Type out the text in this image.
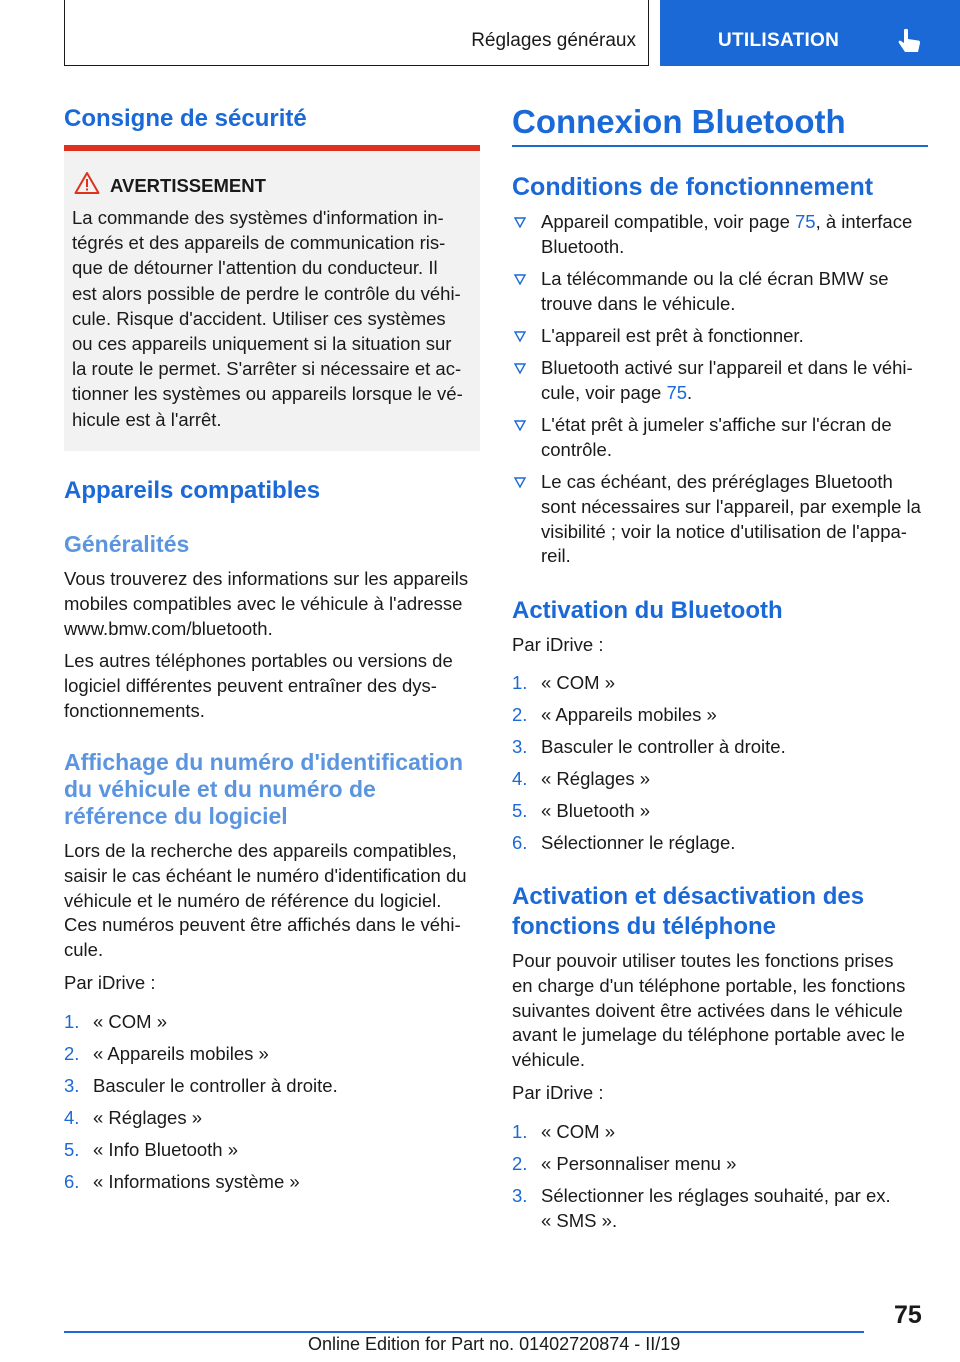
Réglages généraux	UTILISATION
Consigne de sécurité
AVERTISSEMENT
La commande des systèmes d'information in-
tégrés et des appareils de communication ris-
que de détourner l'attention du conducteur. Il
est alors possible de perdre le contrôle du véhi-
cule. Risque d'accident. Utiliser ces systèmes
ou ces appareils uniquement si la situation sur
la route le permet. S'arrêter si nécessaire et ac-
tionner les systèmes ou appareils lorsque le vé-
hicule est à l'arrêt.
Appareils compatibles
Généralités
Vous trouverez des informations sur les appareils
mobiles compatibles avec le véhicule à l'adresse
www.bmw.com/bluetooth.
Les autres téléphones portables ou versions de
logiciel différentes peuvent entraîner des dys-
fonctionnements.
Affichage du numéro d'identification
du véhicule et du numéro de
référence du logiciel
Lors de la recherche des appareils compatibles,
saisir le cas échéant le numéro d'identification du
véhicule et le numéro de référence du logiciel.
Ces numéros peuvent être affichés dans le véhi-
cule.
Par iDrive :
1. « COM »
2. « Appareils mobiles »
3. Basculer le controller à droite.
4. « Réglages »
5. « Info Bluetooth »
6. « Informations système »
Connexion Bluetooth
Conditions de fonctionnement
Appareil compatible, voir page 75, à interface
Bluetooth.
La télécommande ou la clé écran BMW se
trouve dans le véhicule.
L'appareil est prêt à fonctionner.
Bluetooth activé sur l'appareil et dans le véhi-
cule, voir page 75.
L'état prêt à jumeler s'affiche sur l'écran de
contrôle.
Le cas échéant, des préréglages Bluetooth
sont nécessaires sur l'appareil, par exemple la
visibilité ; voir la notice d'utilisation de l'appa-
reil.
Activation du Bluetooth
Par iDrive :
1. « COM »
2. « Appareils mobiles »
3. Basculer le controller à droite.
4. « Réglages »
5. « Bluetooth »
6. Sélectionner le réglage.
Activation et désactivation des
fonctions du téléphone
Pour pouvoir utiliser toutes les fonctions prises
en charge d'un téléphone portable, les fonctions
suivantes doivent être activées dans le véhicule
avant le jumelage du téléphone portable avec le
véhicule.
Par iDrive :
1. « COM »
2. « Personnaliser menu »
3. Sélectionner les réglages souhaité, par ex.
« SMS ».
75
Online Edition for Part no. 01402720874 - II/19
